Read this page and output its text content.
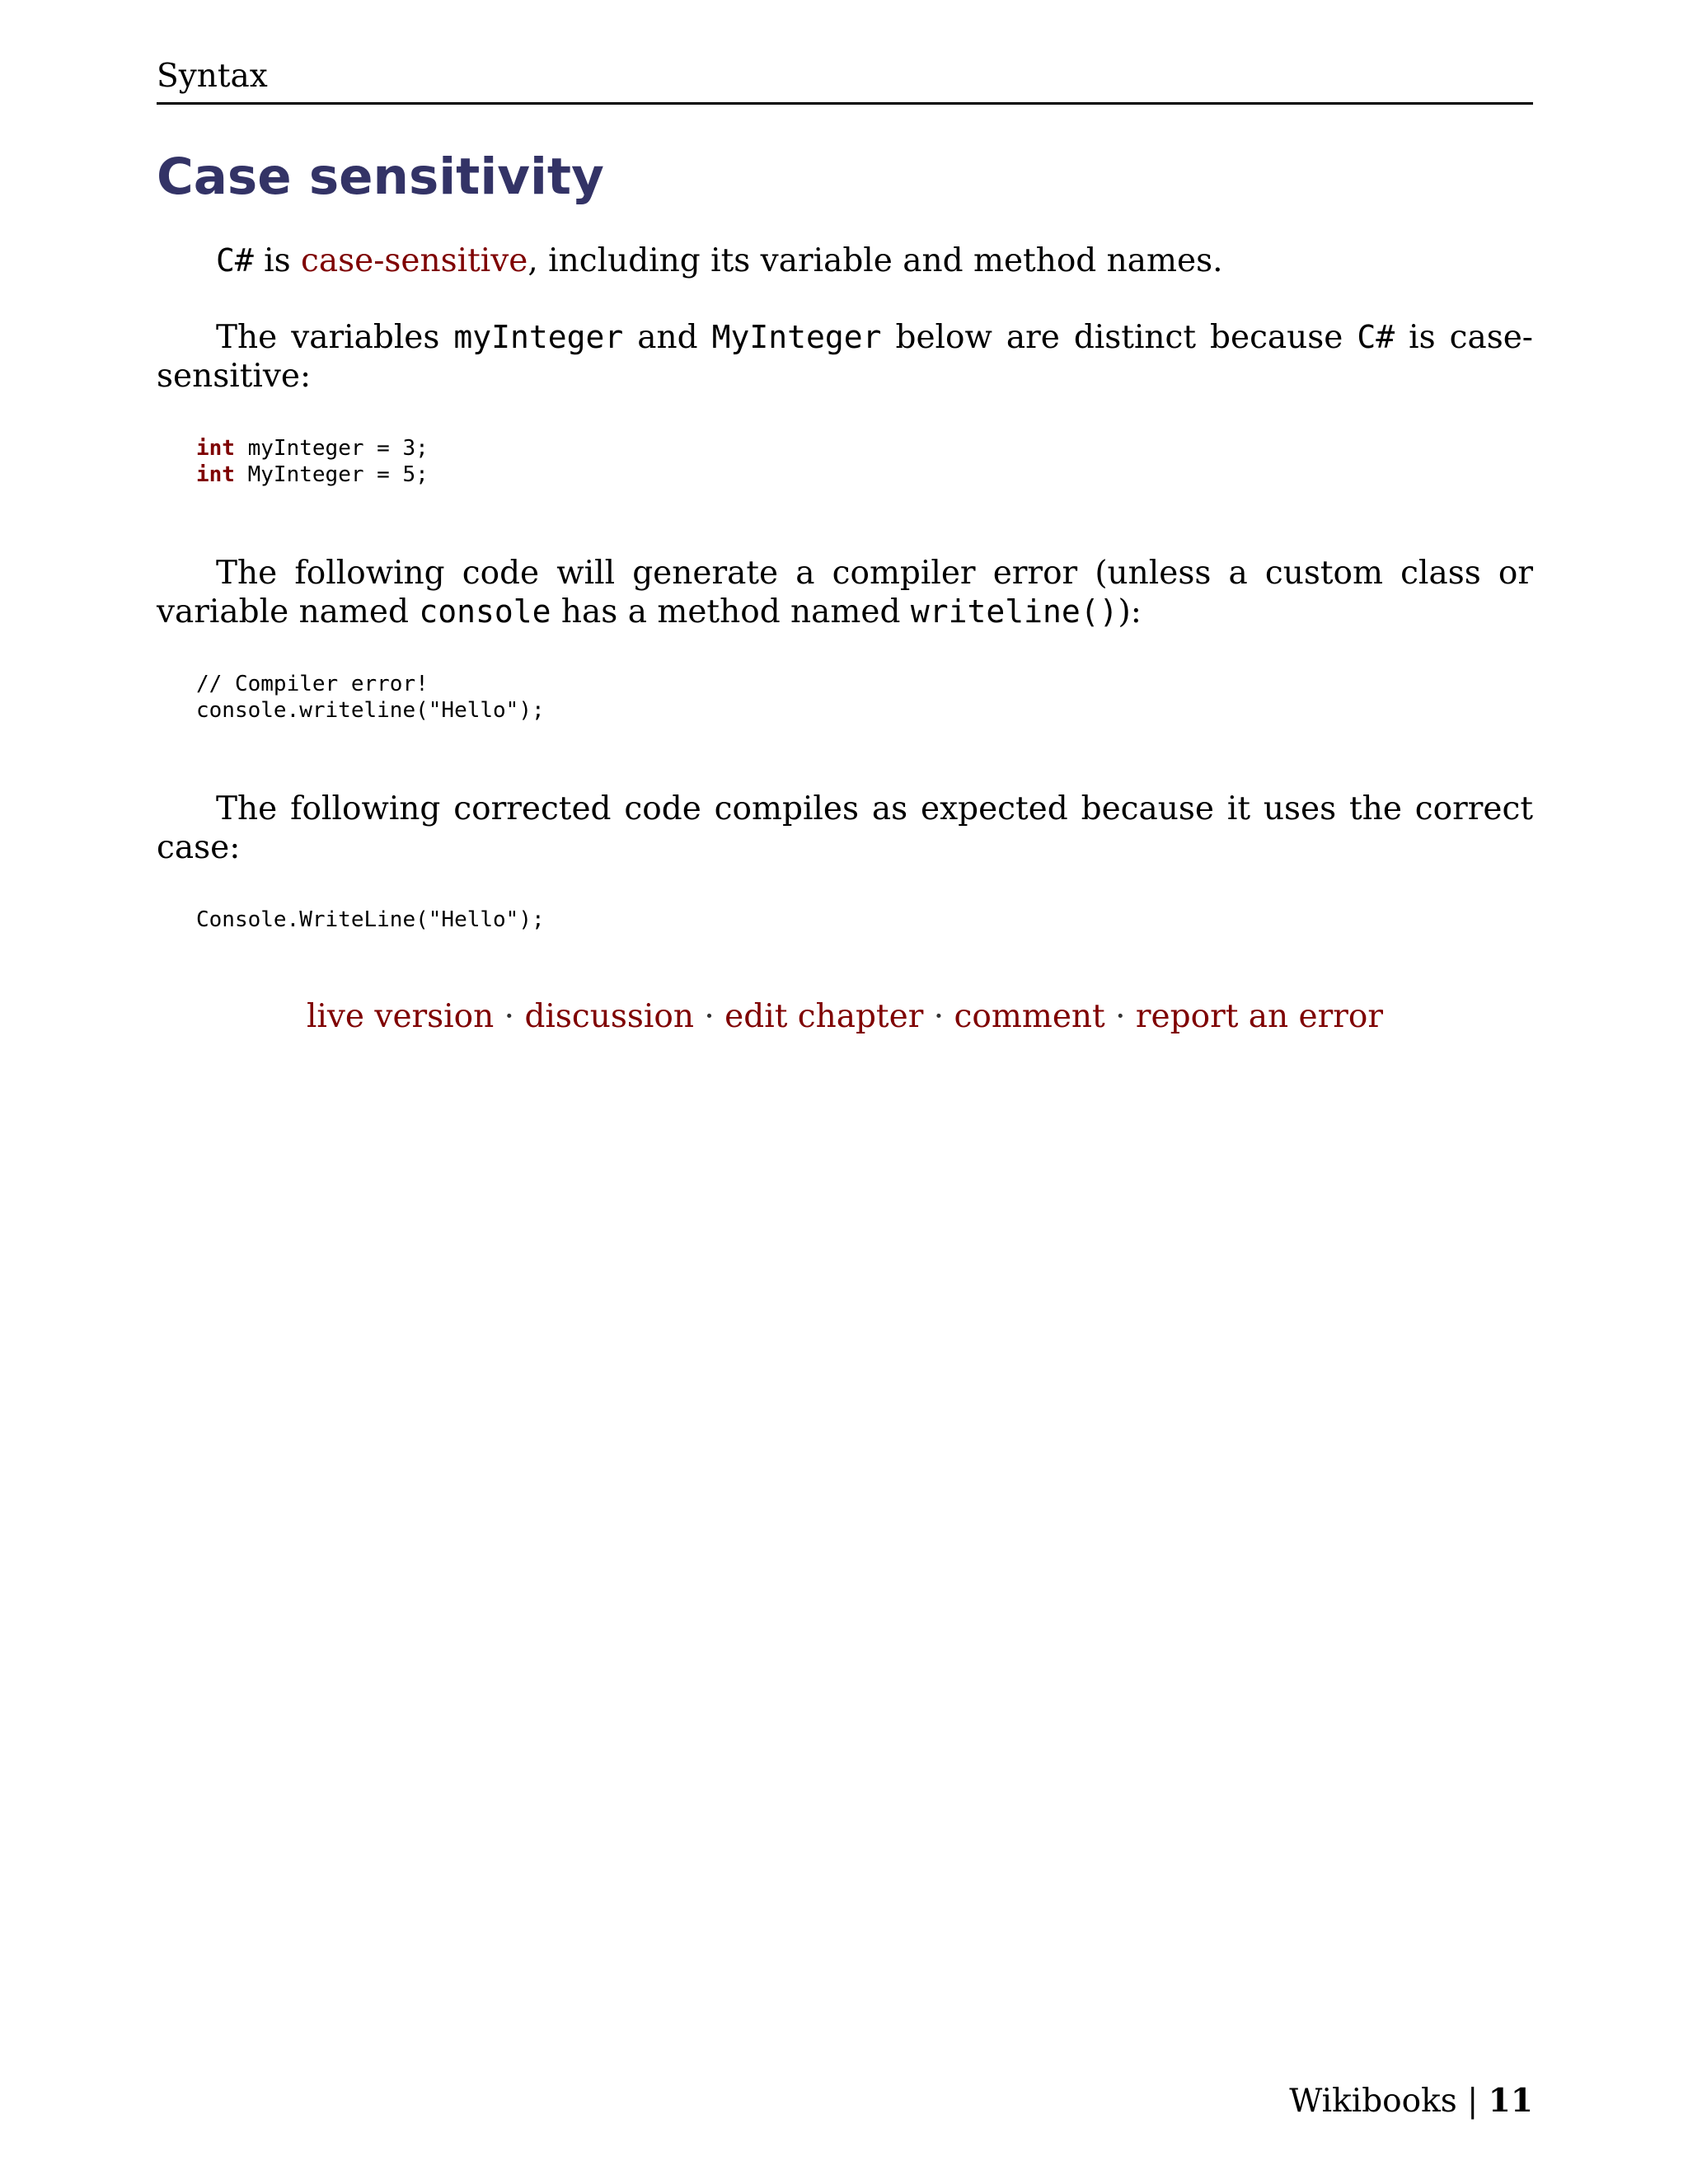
Syntax
Case sensitivity

C# is case-sensitive, including its variable and method names.

The variables myInteger and MyInteger below are distinct because C# is case-sensitive:

int myInteger = 3;
int MyInteger = 5;

The following code will generate a compiler error (unless a custom class or variable named console has a method named writeline()):

// Compiler error!
console.writeline("Hello");

The following corrected code compiles as expected because it uses the correct case:

Console.WriteLine("Hello");
live version · discussion · edit chapter · comment · report an error
Wikibooks | 11
